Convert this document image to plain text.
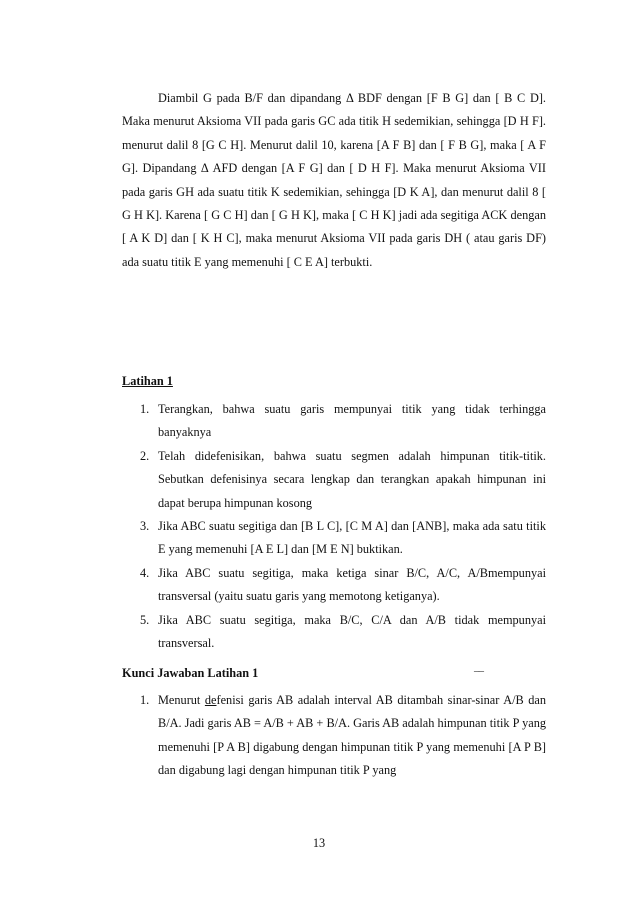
Diambil G pada B/F dan dipandang Δ BDF dengan [F B G] dan [ B C D]. Maka menurut Aksioma VII pada garis GC ada titik H sedemikian, sehingga [D H F]. menurut dalil 8 [G C H]. Menurut dalil 10, karena [A F B] dan [ F B G], maka [ A F G]. Dipandang Δ AFD dengan [A F G] dan [ D H F]. Maka menurut Aksioma VII pada garis GH ada suatu titik K sedemikian, sehingga [D K A], dan menurut dalil 8 [ G H K]. Karena [ G C H] dan [ G H K], maka [ C H K] jadi ada segitiga ACK dengan [ A K D] dan [ K H C], maka menurut Aksioma VII pada garis DH ( atau garis DF) ada suatu titik E yang memenuhi [ C E A] terbukti.

Latihan 1

1. Terangkan, bahwa suatu garis mempunyai titik yang tidak terhingga banyaknya
2. Telah didefenisikan, bahwa suatu segmen adalah himpunan titik-titik. Sebutkan defenisinya secara lengkap dan terangkan apakah himpunan ini dapat berupa himpunan kosong
3. Jika ABC suatu segitiga dan [B L C], [C M A] dan [ANB], maka ada satu titik E yang memenuhi [A E L] dan [M E N] buktikan.
4. Jika ABC suatu segitiga, maka ketiga sinar B/C, A/C, A/Bmempunyai transversal (yaitu suatu garis yang memotong ketiganya).
5. Jika ABC suatu segitiga, maka B/C, C/A dan A/B tidak mempunyai transversal.

Kunci Jawaban Latihan 1	__
1. Menurut defenisi garis AB adalah interval AB ditambah sinar-sinar A/B dan B/A. Jadi garis AB = A/B + AB + B/A. Garis AB adalah himpunan titik P yang memenuhi [P A B] digabung dengan himpunan titik P yang memenuhi [A P B] dan digabung lagi dengan himpunan titik P yang
13
